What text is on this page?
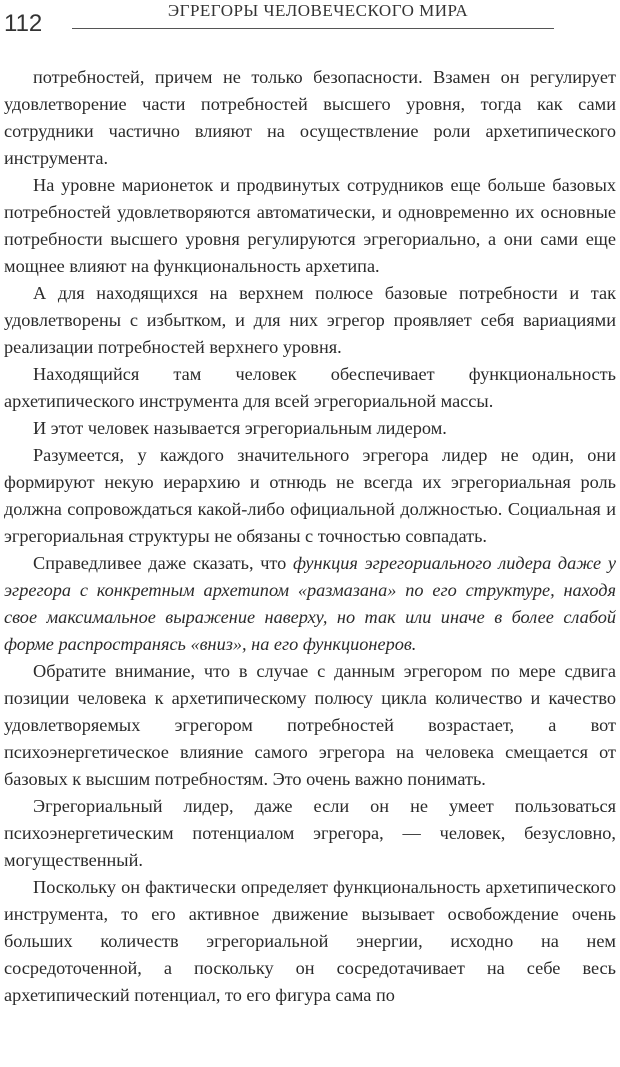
112	ЭГРЕГОРЫ ЧЕЛОВЕЧЕСКОГО МИРА

потребностей, причем не только безопасности. Взамен он регулирует удовлетворение части потребностей высшего уровня, тогда как сами сотрудники частично влияют на осуществление роли архетипического инструмента.

На уровне марионеток и продвинутых сотрудников еще больше базовых потребностей удовлетворяются автоматически, и одновременно их основные потребности высшего уровня регулируются эгрегориально, а они сами еще мощнее влияют на функциональность архетипа.

А для находящихся на верхнем полюсе базовые потребности и так удовлетворены с избытком, и для них эгрегор проявляет себя вариациями реализации потребностей верхнего уровня.

Находящийся там человек обеспечивает функциональность архетипического инструмента для всей эгрегориальной массы.

И этот человек называется эгрегориальным лидером.

Разумеется, у каждого значительного эгрегора лидер не один, они формируют некую иерархию и отнюдь не всегда их эгрегориальная роль должна сопровождаться какой-либо официальной должностью. Социальная и эгрегориальная структуры не обязаны с точностью совпадать.

Справедливее даже сказать, что функция эгрегориального лидера даже у эгрегора с конкретным архетипом «размазана» по его структуре, находя свое максимальное выражение наверху, но так или иначе в более слабой форме распространясь «вниз», на его функционеров.

Обратите внимание, что в случае с данным эгрегором по мере сдвига позиции человека к архетипическому полюсу цикла количество и качество удовлетворяемых эгрегором потребностей возрастает, а вот психоэнергетическое влияние самого эгрегора на человека смещается от базовых к высшим потребностям. Это очень важно понимать.

Эгрегориальный лидер, даже если он не умеет пользоваться психоэнергетическим потенциалом эгрегора, — человек, безусловно, могущественный.

Поскольку он фактически определяет функциональность архетипического инструмента, то его активное движение вызывает освобождение очень больших количеств эгрегориальной энергии, исходно на нем сосредоточенной, а поскольку он сосредотачивает на себе весь архетипический потенциал, то его фигура сама по
